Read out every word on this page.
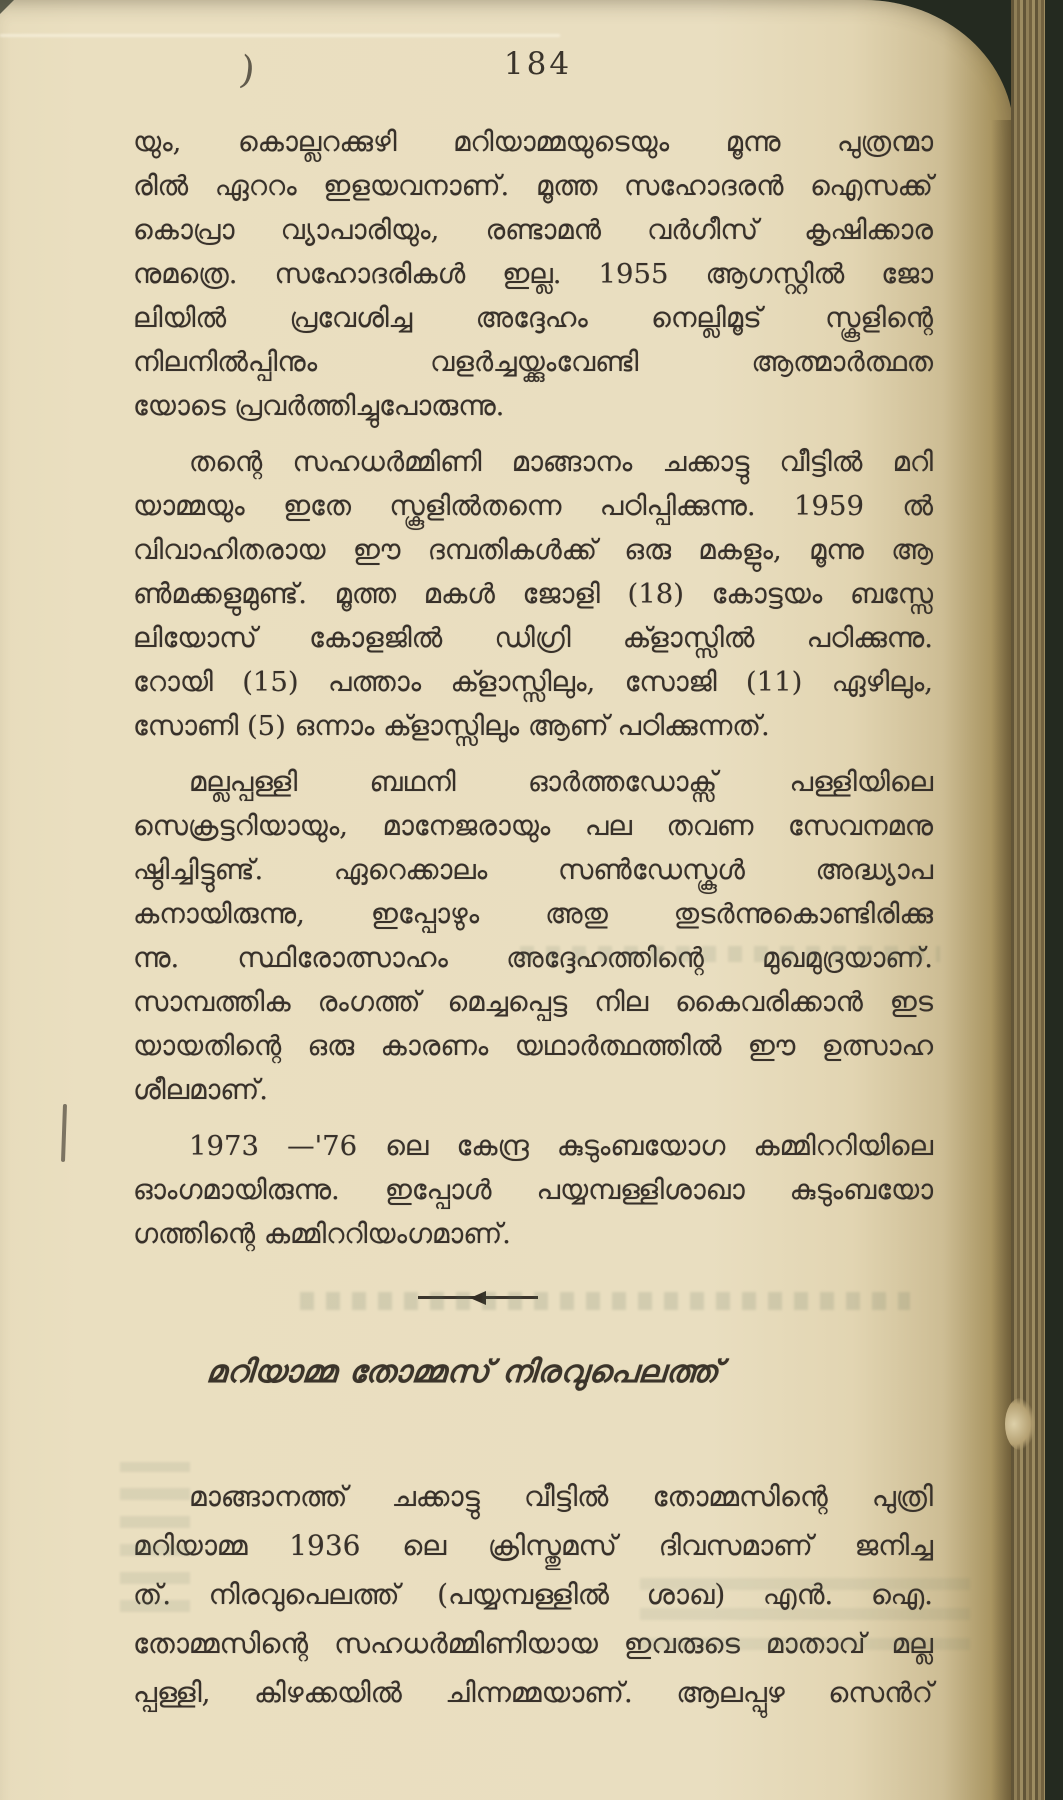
)	184
യും, കൊല്ലറക്കുഴി മറിയാമ്മയുടെയും മൂന്നു പുത്രന്മാ
രിൽ ഏററം ഇളയവനാണ്. മൂത്ത സഹോദരൻ ഐസക്ക്
കൊപ്രാ വ്യാപാരിയും, രണ്ടാമൻ വർഗീസ് കൃഷിക്കാര
നുമത്രെ. സഹോദരികൾ ഇല്ല. 1955 ആഗസ്റ്റിൽ ജോ
ലിയിൽ പ്രവേശിച്ച അദ്ദേഹം നെല്ലിമൂട് സ്കൂളിന്റെ
നിലനിൽപ്പിനും വളർച്ചയ്ക്കുംവേണ്ടി ആത്മാർത്ഥത
യോടെ പ്രവർത്തിച്ചുപോരുന്നു.
തന്റെ സഹധർമ്മിണി മാങ്ങാനം ചക്കാട്ടു വീട്ടിൽ മറി
യാമ്മയും ഇതേ സ്കൂളിൽതന്നെ പഠിപ്പിക്കുന്നു. 1959 ൽ
വിവാഹിതരായ ഈ ദമ്പതികൾക്ക് ഒരു മകളും, മൂന്നു ആ
ൺമക്കളുമുണ്ട്. മൂത്ത മകൾ ജോളി (18) കോട്ടയം ബസ്സേ
ലിയോസ് കോളജിൽ ഡിഗ്രി ക്ളാസ്സിൽ പഠിക്കുന്നു.
റോയി (15) പത്താം ക്ളാസ്സിലും, സോജി (11) ഏഴിലും,
സോണി (5) ഒന്നാം ക്ളാസ്സിലും ആണ് പഠിക്കുന്നത്.
മല്ലപ്പള്ളി ബഥനി ഓർത്തഡോക്സ് പള്ളിയിലെ
സെക്രട്ടറിയായും, മാനേജരായും പല തവണ സേവനമനു
ഷ്ഠിച്ചിട്ടുണ്ട്. ഏറെക്കാലം സൺഡേസ്കൂൾ അദ്ധ്യാപ
കനായിരുന്നു, ഇപ്പോഴും അതു തുടർന്നുകൊണ്ടിരിക്കു
ന്നു. സ്ഥിരോത്സാഹം അദ്ദേഹത്തിന്റെ മുഖമുദ്രയാണ്.
സാമ്പത്തിക രംഗത്ത് മെച്ചപ്പെട്ട നില കൈവരിക്കാൻ ഇട
യായതിന്റെ ഒരു കാരണം യഥാർത്ഥത്തിൽ ഈ ഉത്സാഹ
ശീലമാണ്.
1973 —'76 ലെ കേന്ദ്ര കുടുംബയോഗ കമ്മിററിയിലെ
ഓംഗമായിരുന്നു. ഇപ്പോൾ പയ്യമ്പള്ളിശാഖാ കുടുംബയോ
ഗത്തിന്റെ കമ്മിററിയംഗമാണ്.
മറിയാമ്മ തോമ്മസ് നിരവുപെലത്ത്
മാങ്ങാനത്ത് ചക്കാട്ടു വീട്ടിൽ തോമ്മസിന്റെ പുത്രി
മറിയാമ്മ 1936 ലെ ക്രിസ്തുമസ് ദിവസമാണ് ജനിച്ച
ത്. നിരവുപെലത്ത് (പയ്യമ്പള്ളിൽ ശാഖ) എൻ. ഐ.
തോമ്മസിന്റെ സഹധർമ്മിണിയായ ഇവരുടെ മാതാവ് മല്ല
പ്പള്ളി, കിഴക്കയിൽ ചിന്നമ്മയാണ്. ആലപ്പുഴ സെൻറ്
